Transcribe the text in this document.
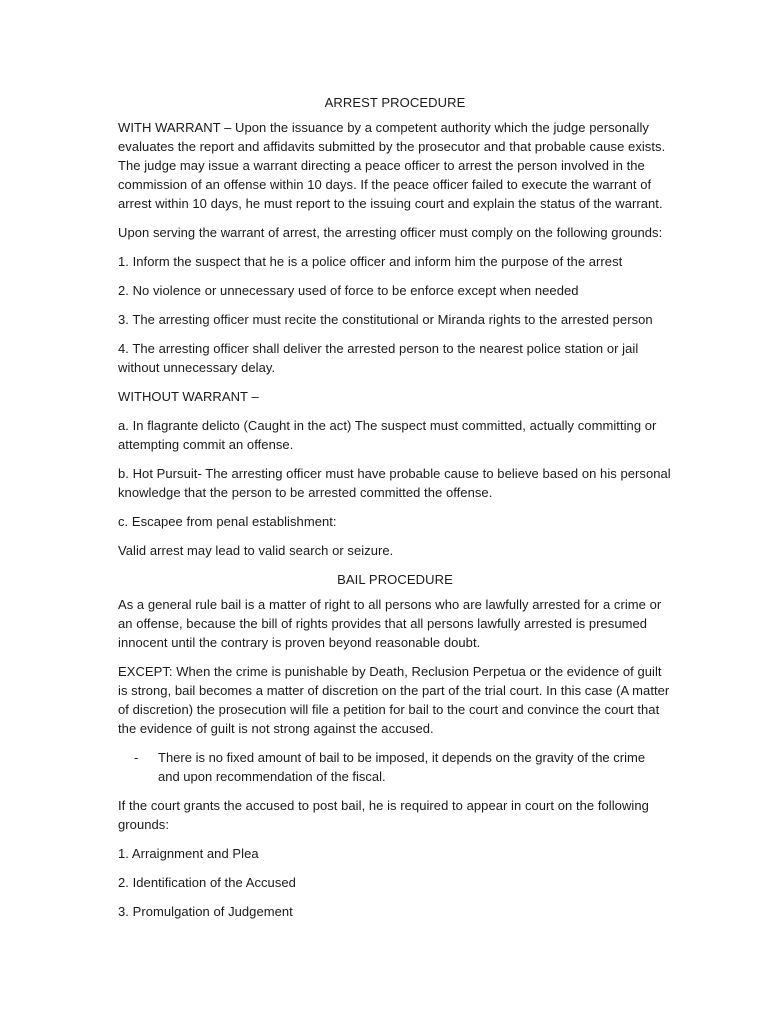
ARREST PROCEDURE

WITH WARRANT – Upon the issuance by a competent authority which the judge personally evaluates the report and affidavits submitted by the prosecutor and that probable cause exists. The judge may issue a warrant directing a peace officer to arrest the person involved in the commission of an offense within 10 days. If the peace officer failed to execute the warrant of arrest within 10 days, he must report to the issuing court and explain the status of the warrant.

Upon serving the warrant of arrest, the arresting officer must comply on the following grounds:

1. Inform the suspect that he is a police officer and inform him the purpose of the arrest

2. No violence or unnecessary used of force to be enforce except when needed

3. The arresting officer must recite the constitutional or Miranda rights to the arrested person

4. The arresting officer shall deliver the arrested person to the nearest police station or jail without unnecessary delay.

WITHOUT WARRANT –

a. In flagrante delicto (Caught in the act) The suspect must committed, actually committing or attempting commit an offense.

b. Hot Pursuit- The arresting officer must have probable cause to believe based on his personal knowledge that the person to be arrested committed the offense.

c. Escapee from penal establishment:

Valid arrest may lead to valid search or seizure.

BAIL PROCEDURE

As a general rule bail is a matter of right to all persons who are lawfully arrested for a crime or an offense, because the bill of rights provides that all persons lawfully arrested is presumed innocent until the contrary is proven beyond reasonable doubt.

EXCEPT: When the crime is punishable by Death, Reclusion Perpetua or the evidence of guilt is strong, bail becomes a matter of discretion on the part of the trial court. In this case (A matter of discretion) the prosecution will file a petition for bail to the court and convince the court that the evidence of guilt is not strong against the accused.

-	There is no fixed amount of bail to be imposed, it depends on the gravity of the crime and upon recommendation of the fiscal.

If the court grants the accused to post bail, he is required to appear in court on the following grounds:

1. Arraignment and Plea

2. Identification of the Accused

3. Promulgation of Judgement
